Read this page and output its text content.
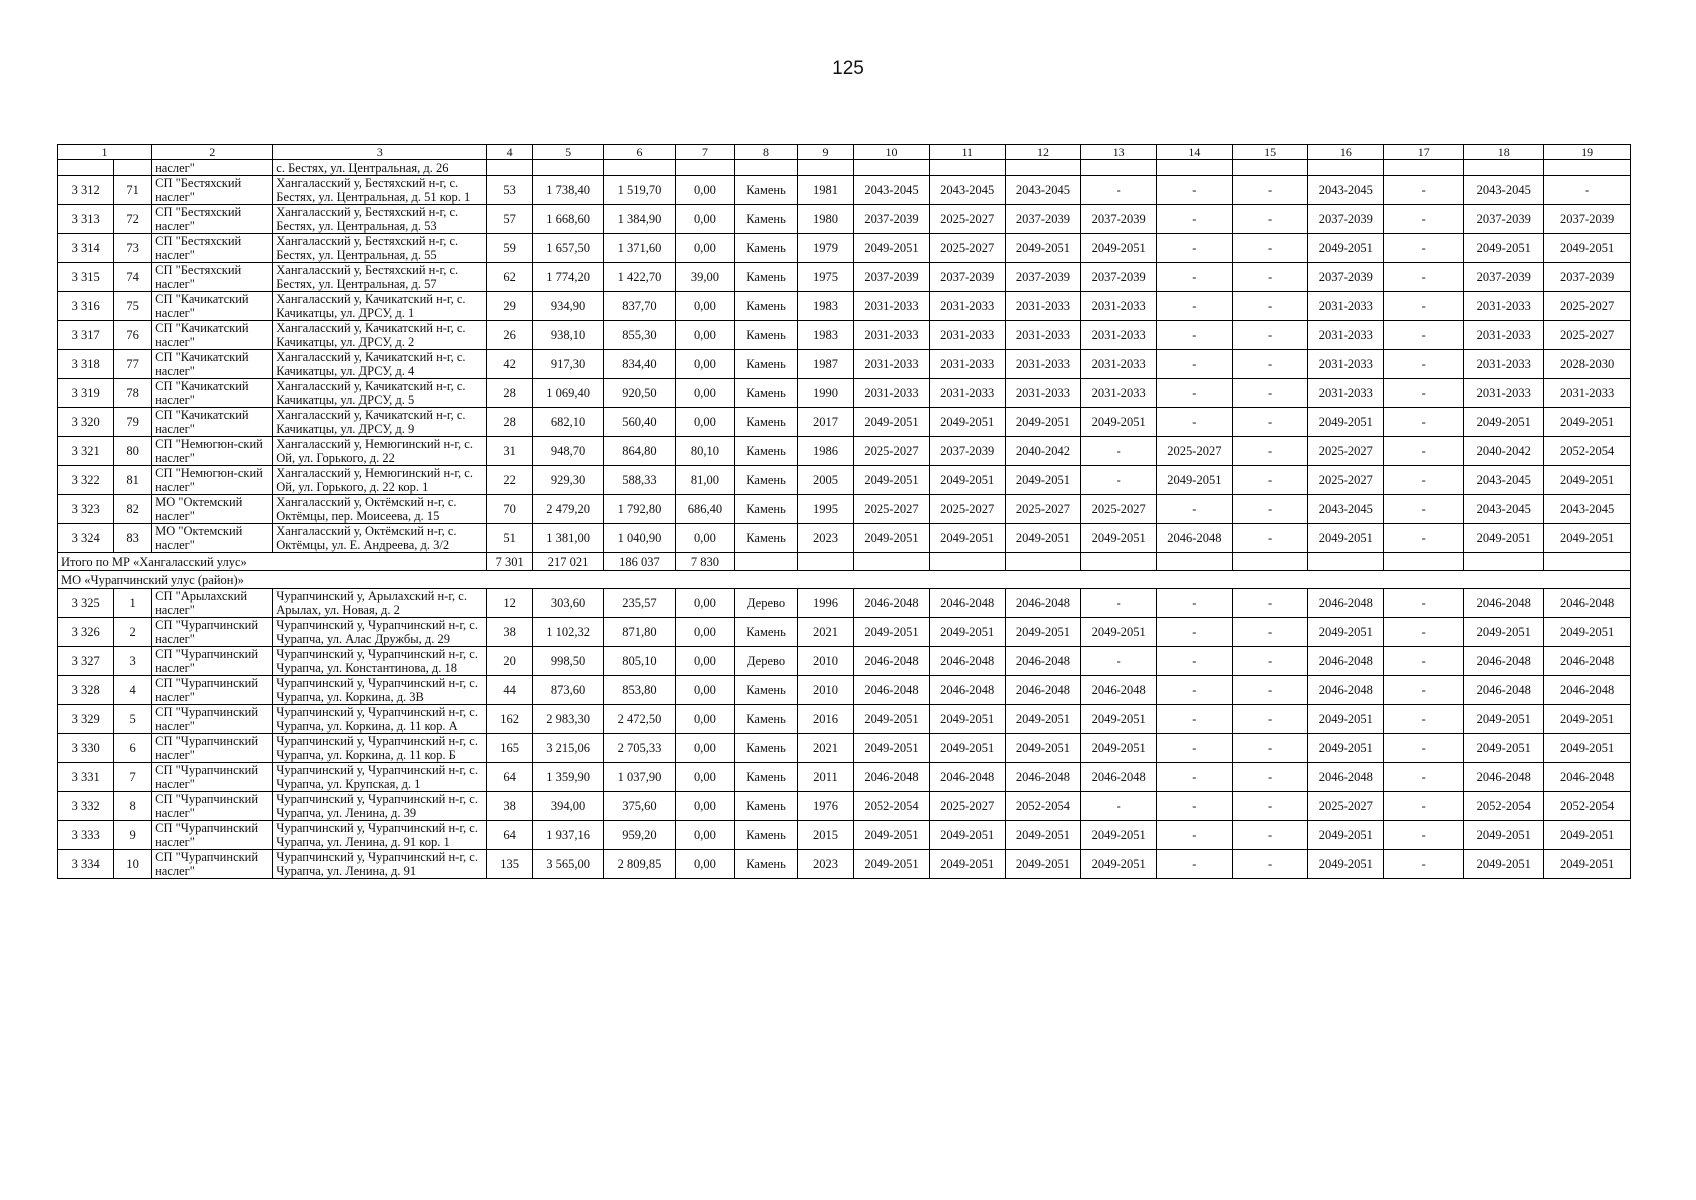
125
1		2	3	4	5	6	7	8	9	10	11	12	13	14	15	16	17	18	19
		наслег"	с. Бестях, ул. Центральная, д. 26																
3 312	71	СП "Бестяхский наслег"	Хангаласский у, Бестяхский н-г, с. Бестях, ул. Центральная, д. 51 кор. 1	53	1 738,40	1 519,70	0,00	Камень	1981	2043-2045	2043-2045	2043-2045	-	-	-	2043-2045	-	2043-2045	-
3 313	72	СП "Бестяхский наслег"	Хангаласский у, Бестяхский н-г, с. Бестях, ул. Центральная, д. 53	57	1 668,60	1 384,90	0,00	Камень	1980	2037-2039	2025-2027	2037-2039	2037-2039	-	-	2037-2039	-	2037-2039	2037-2039
3 314	73	СП "Бестяхский наслег"	Хангаласский у, Бестяхский н-г, с. Бестях, ул. Центральная, д. 55	59	1 657,50	1 371,60	0,00	Камень	1979	2049-2051	2025-2027	2049-2051	2049-2051	-	-	2049-2051	-	2049-2051	2049-2051
3 315	74	СП "Бестяхский наслег"	Хангаласский у, Бестяхский н-г, с. Бестях, ул. Центральная, д. 57	62	1 774,20	1 422,70	39,00	Камень	1975	2037-2039	2037-2039	2037-2039	2037-2039	-	-	2037-2039	-	2037-2039	2037-2039
3 316	75	СП "Качикатский наслег"	Хангаласский у, Качикатский н-г, с. Качикатцы, ул. ДРСУ, д. 1	29	934,90	837,70	0,00	Камень	1983	2031-2033	2031-2033	2031-2033	2031-2033	-	-	2031-2033	-	2031-2033	2025-2027
3 317	76	СП "Качикатский наслег"	Хангаласский у, Качикатский н-г, с. Качикатцы, ул. ДРСУ, д. 2	26	938,10	855,30	0,00	Камень	1983	2031-2033	2031-2033	2031-2033	2031-2033	-	-	2031-2033	-	2031-2033	2025-2027
3 318	77	СП "Качикатский наслег"	Хангаласский у, Качикатский н-г, с. Качикатцы, ул. ДРСУ, д. 4	42	917,30	834,40	0,00	Камень	1987	2031-2033	2031-2033	2031-2033	2031-2033	-	-	2031-2033	-	2031-2033	2028-2030
3 319	78	СП "Качикатский наслег"	Хангаласский у, Качикатский н-г, с. Качикатцы, ул. ДРСУ, д. 5	28	1 069,40	920,50	0,00	Камень	1990	2031-2033	2031-2033	2031-2033	2031-2033	-	-	2031-2033	-	2031-2033	2031-2033
3 320	79	СП "Качикатский наслег"	Хангаласский у, Качикатский н-г, с. Качикатцы, ул. ДРСУ, д. 9	28	682,10	560,40	0,00	Камень	2017	2049-2051	2049-2051	2049-2051	2049-2051	-	-	2049-2051	-	2049-2051	2049-2051
3 321	80	СП "Немюгюн-ский наслег"	Хангаласский у, Немюгинский н-г, с. Ой, ул. Горького, д. 22	31	948,70	864,80	80,10	Камень	1986	2025-2027	2037-2039	2040-2042	-	2025-2027	-	2025-2027	-	2040-2042	2052-2054
3 322	81	СП "Немюгюн-ский наслег"	Хангаласский у, Немюгинский н-г, с. Ой, ул. Горького, д. 22 кор. 1	22	929,30	588,33	81,00	Камень	2005	2049-2051	2049-2051	2049-2051	-	2049-2051	-	2025-2027	-	2043-2045	2049-2051
3 323	82	МО "Октемский наслег"	Хангаласский у, Октёмский н-г, с. Октёмцы, пер. Моисеева, д. 15	70	2 479,20	1 792,80	686,40	Камень	1995	2025-2027	2025-2027	2025-2027	2025-2027	-	-	2043-2045	-	2043-2045	2043-2045
3 324	83	МО "Октемский наслег"	Хангаласский у, Октёмский н-г, с. Октёмцы, ул. Е. Андреева, д. 3/2	51	1 381,00	1 040,90	0,00	Камень	2023	2049-2051	2049-2051	2049-2051	2049-2051	2046-2048	-	2049-2051	-	2049-2051	2049-2051
Итого по МР «Хангаласский улус»				7 301	217 021	186 037	7 830												
МО «Чурапчинский улус (район)»																			
3 325	1	СП "Арылахский наслег"	Чурапчинский у, Арылахский н-г, с. Арылах, ул. Новая, д. 2	12	303,60	235,57	0,00	Дерево	1996	2046-2048	2046-2048	2046-2048	-	-	-	2046-2048	-	2046-2048	2046-2048
3 326	2	СП "Чурапчинский наслег"	Чурапчинский у, Чурапчинский н-г, с. Чурапча, ул. Алас Дружбы, д. 29	38	1 102,32	871,80	0,00	Камень	2021	2049-2051	2049-2051	2049-2051	2049-2051	-	-	2049-2051	-	2049-2051	2049-2051
3 327	3	СП "Чурапчинский наслег"	Чурапчинский у, Чурапчинский н-г, с. Чурапча, ул. Константинова, д. 18	20	998,50	805,10	0,00	Дерево	2010	2046-2048	2046-2048	2046-2048	-	-	-	2046-2048	-	2046-2048	2046-2048
3 328	4	СП "Чурапчинский наслег"	Чурапчинский у, Чурапчинский н-г, с. Чурапча, ул. Коркина, д. 3В	44	873,60	853,80	0,00	Камень	2010	2046-2048	2046-2048	2046-2048	2046-2048	-	-	2046-2048	-	2046-2048	2046-2048
3 329	5	СП "Чурапчинский наслег"	Чурапчинский у, Чурапчинский н-г, с. Чурапча, ул. Коркина, д. 11 кор. А	162	2 983,30	2 472,50	0,00	Камень	2016	2049-2051	2049-2051	2049-2051	2049-2051	-	-	2049-2051	-	2049-2051	2049-2051
3 330	6	СП "Чурапчинский наслег"	Чурапчинский у, Чурапчинский н-г, с. Чурапча, ул. Коркина, д. 11 кор. Б	165	3 215,06	2 705,33	0,00	Камень	2021	2049-2051	2049-2051	2049-2051	2049-2051	-	-	2049-2051	-	2049-2051	2049-2051
3 331	7	СП "Чурапчинский наслег"	Чурапчинский у, Чурапчинский н-г, с. Чурапча, ул. Крупская, д. 1	64	1 359,90	1 037,90	0,00	Камень	2011	2046-2048	2046-2048	2046-2048	2046-2048	-	-	2046-2048	-	2046-2048	2046-2048
3 332	8	СП "Чурапчинский наслег"	Чурапчинский у, Чурапчинский н-г, с. Чурапча, ул. Ленина, д. 39	38	394,00	375,60	0,00	Камень	1976	2052-2054	2025-2027	2052-2054	-	-	-	2025-2027	-	2052-2054	2052-2054
3 333	9	СП "Чурапчинский наслег"	Чурапчинский у, Чурапчинский н-г, с. Чурапча, ул. Ленина, д. 91 кор. 1	64	1 937,16	959,20	0,00	Камень	2015	2049-2051	2049-2051	2049-2051	2049-2051	-	-	2049-2051	-	2049-2051	2049-2051
3 334	10	СП "Чурапчинский наслег"	Чурапчинский у, Чурапчинский н-г, с. Чурапча, ул. Ленина, д. 91	135	3 565,00	2 809,85	0,00	Камень	2023	2049-2051	2049-2051	2049-2051	2049-2051	-	-	2049-2051	-	2049-2051	2049-2051
